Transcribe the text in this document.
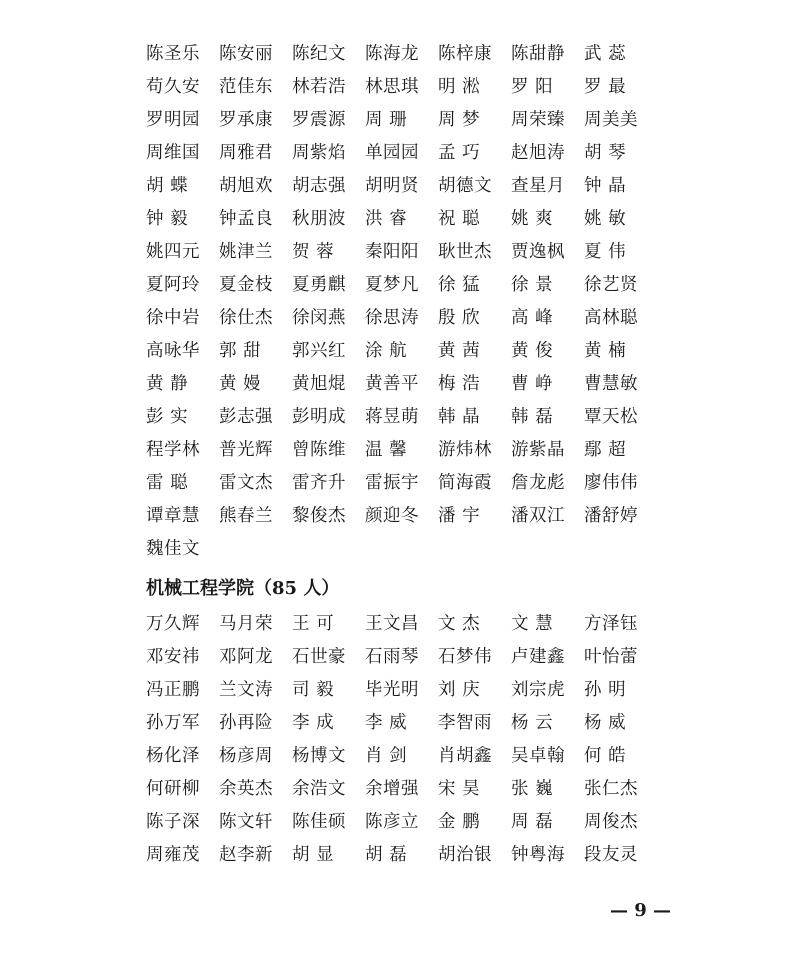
陈圣乐	陈安丽	陈纪文	陈海龙	陈梓康	陈甜静	武 蕊
苟久安	范佳东	林若浩	林思琪	明 淞	罗 阳	罗 最
罗明园	罗承康	罗震源	周 珊	周 梦	周荣臻	周美美
周维国	周雅君	周紫焰	单园园	孟 巧	赵旭涛	胡 琴
胡 蝶	胡旭欢	胡志强	胡明贤	胡德文	查星月	钟 晶
钟 毅	钟孟良	秋朋波	洪 睿	祝 聪	姚 爽	姚 敏
姚四元	姚津兰	贺 蓉	秦阳阳	耿世杰	贾逸枫	夏 伟
夏阿玲	夏金枝	夏勇麒	夏梦凡	徐 猛	徐 景	徐艺贤
徐中岩	徐仕杰	徐闵燕	徐思涛	殷 欣	高 峰	高林聪
高咏华	郭 甜	郭兴红	涂 航	黄 茜	黄 俊	黄 楠
黄 静	黄 嫚	黄旭焜	黄善平	梅 浩	曹 峥	曹慧敏
彭 实	彭志强	彭明成	蒋昱萌	韩 晶	韩 磊	覃天松
程学林	普光辉	曾陈维	温 馨	游炜林	游紫晶	鄢 超
雷 聪	雷文杰	雷齐升	雷振宇	简海霞	詹龙彪	廖伟伟
谭章慧	熊春兰	黎俊杰	颜迎冬	潘 宇	潘双江	潘舒婷
魏佳文
机械工程学院（85 人）
万久辉	马月荣	王 可	王文昌	文 杰	文 慧	方泽钰
邓安祎	邓阿龙	石世豪	石雨琴	石梦伟	卢建鑫	叶怡蕾
冯正鹏	兰文涛	司 毅	毕光明	刘 庆	刘宗虎	孙 明
孙万军	孙再险	李 成	李 威	李智雨	杨 云	杨 威
杨化泽	杨彦周	杨博文	肖 剑	肖胡鑫	吴卓翰	何 皓
何研柳	余英杰	余浩文	余增强	宋 昊	张 巍	张仁杰
陈子深	陈文轩	陈佳硕	陈彦立	金 鹏	周 磊	周俊杰
周雍茂	赵李新	胡 显	胡 磊	胡治银	钟粤海	段友灵
— 9 —
